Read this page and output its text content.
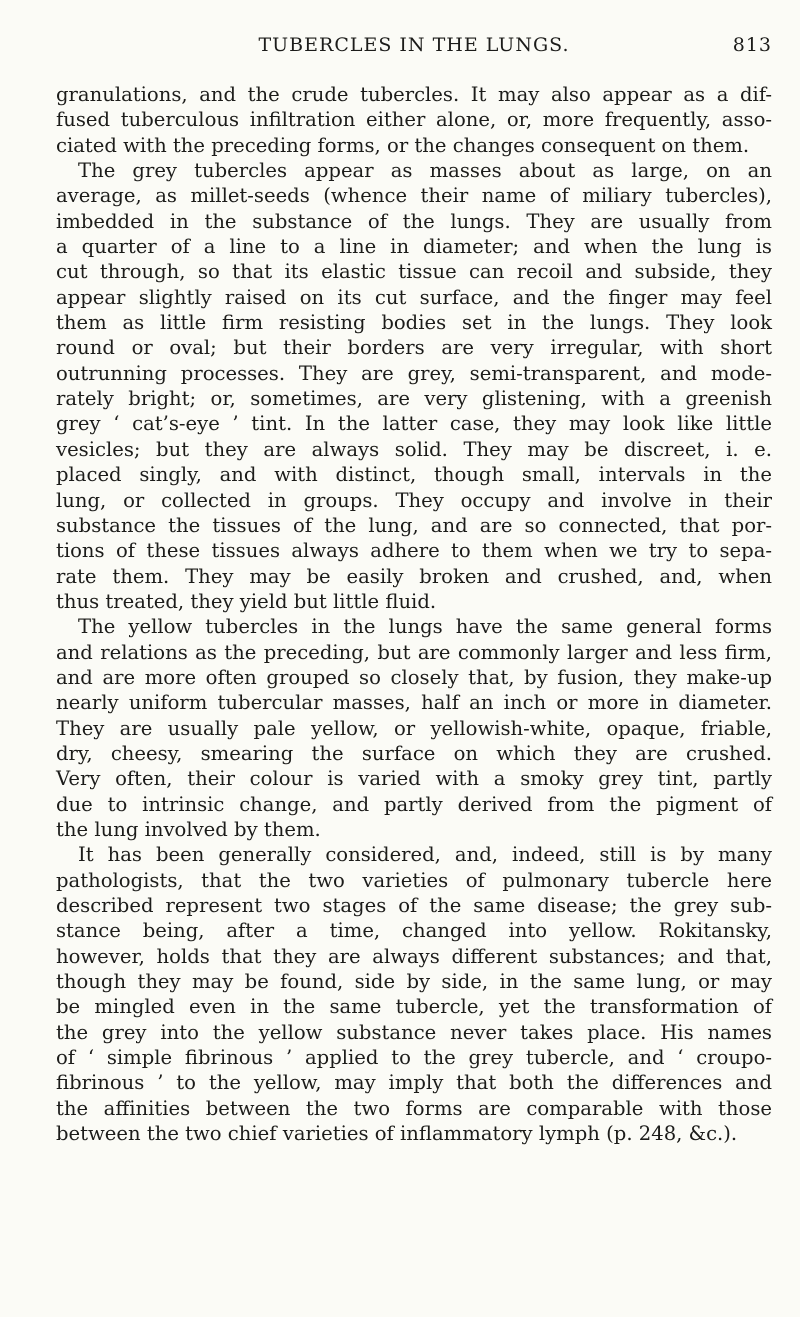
TUBERCLES IN THE LUNGS.	813
granulations, and the crude tubercles. It may also appear as a dif-
fused tuberculous infiltration either alone, or, more frequently, asso-
ciated with the preceding forms, or the changes consequent on them.
The grey tubercles appear as masses about as large, on an
average, as millet-seeds (whence their name of miliary tubercles),
imbedded in the substance of the lungs. They are usually from
a quarter of a line to a line in diameter; and when the lung is
cut through, so that its elastic tissue can recoil and subside, they
appear slightly raised on its cut surface, and the finger may feel
them as little firm resisting bodies set in the lungs. They look
round or oval; but their borders are very irregular, with short
outrunning processes. They are grey, semi-transparent, and mode-
rately bright; or, sometimes, are very glistening, with a greenish
grey ‘ cat’s-eye ’ tint. In the latter case, they may look like little
vesicles; but they are always solid. They may be discreet, i. e.
placed singly, and with distinct, though small, intervals in the
lung, or collected in groups. They occupy and involve in their
substance the tissues of the lung, and are so connected, that por-
tions of these tissues always adhere to them when we try to sepa-
rate them. They may be easily broken and crushed, and, when
thus treated, they yield but little fluid.
The yellow tubercles in the lungs have the same general forms
and relations as the preceding, but are commonly larger and less firm,
and are more often grouped so closely that, by fusion, they make-up
nearly uniform tubercular masses, half an inch or more in diameter.
They are usually pale yellow, or yellowish-white, opaque, friable,
dry, cheesy, smearing the surface on which they are crushed.
Very often, their colour is varied with a smoky grey tint, partly
due to intrinsic change, and partly derived from the pigment of
the lung involved by them.
It has been generally considered, and, indeed, still is by many
pathologists, that the two varieties of pulmonary tubercle here
described represent two stages of the same disease; the grey sub-
stance being, after a time, changed into yellow. Rokitansky,
however, holds that they are always different substances; and that,
though they may be found, side by side, in the same lung, or may
be mingled even in the same tubercle, yet the transformation of
the grey into the yellow substance never takes place. His names
of ‘ simple fibrinous ’ applied to the grey tubercle, and ‘ croupo-
fibrinous ’ to the yellow, may imply that both the differences and
the affinities between the two forms are comparable with those
between the two chief varieties of inflammatory lymph (p. 248, &c.).
